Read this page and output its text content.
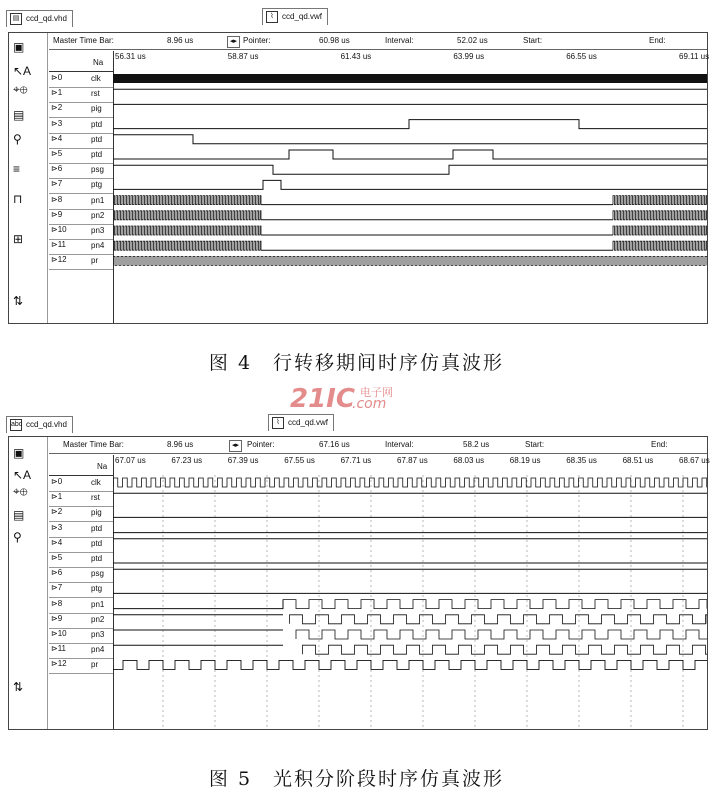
▤ ccd_qd.vhd	⌇ ccd_qd.vwf
▣
↖A
⌖⊕
▤
⚲
≡
⊓
⊞
⇅
Master Time Bar:	8.96 us	◂▸ Pointer:	60.98 us	Interval:	52.02 us	Start:	End:
Na
⊳0	clk
⊳1	rst
⊳2	pig
⊳3	ptd
⊳4	ptd
⊳5	ptd
⊳6	psg
⊳7	ptg
⊳8	pn1
⊳9	pn2
⊳10	pn3
⊳11	pn4
⊳12	pr
56.31 us	58.87 us	61.43 us	63.99 us	66.55 us	69.11 us
图 4　行转移期间时序仿真波形
21IC 电子网
.com
abc ccd_qd.vhd	⌇ ccd_qd.vwf
▣
↖A
⌖⊕
▤
⚲
⇅
Master Time Bar:	8.96 us	◂▸ Pointer:	67.16 us	Interval:	58.2 us	Start:	End:
Na
⊳0	clk
⊳1	rst
⊳2	pig
⊳3	ptd
⊳4	ptd
⊳5	ptd
⊳6	psg
⊳7	ptg
⊳8	pn1
⊳9	pn2
⊳10	pn3
⊳11	pn4
⊳12	pr
67.07 us	67.23 us	67.39 us	67.55 us	67.71 us	67.87 us	68.03 us	68.19 us	68.35 us	68.51 us	68.67 us
图 5　光积分阶段时序仿真波形
